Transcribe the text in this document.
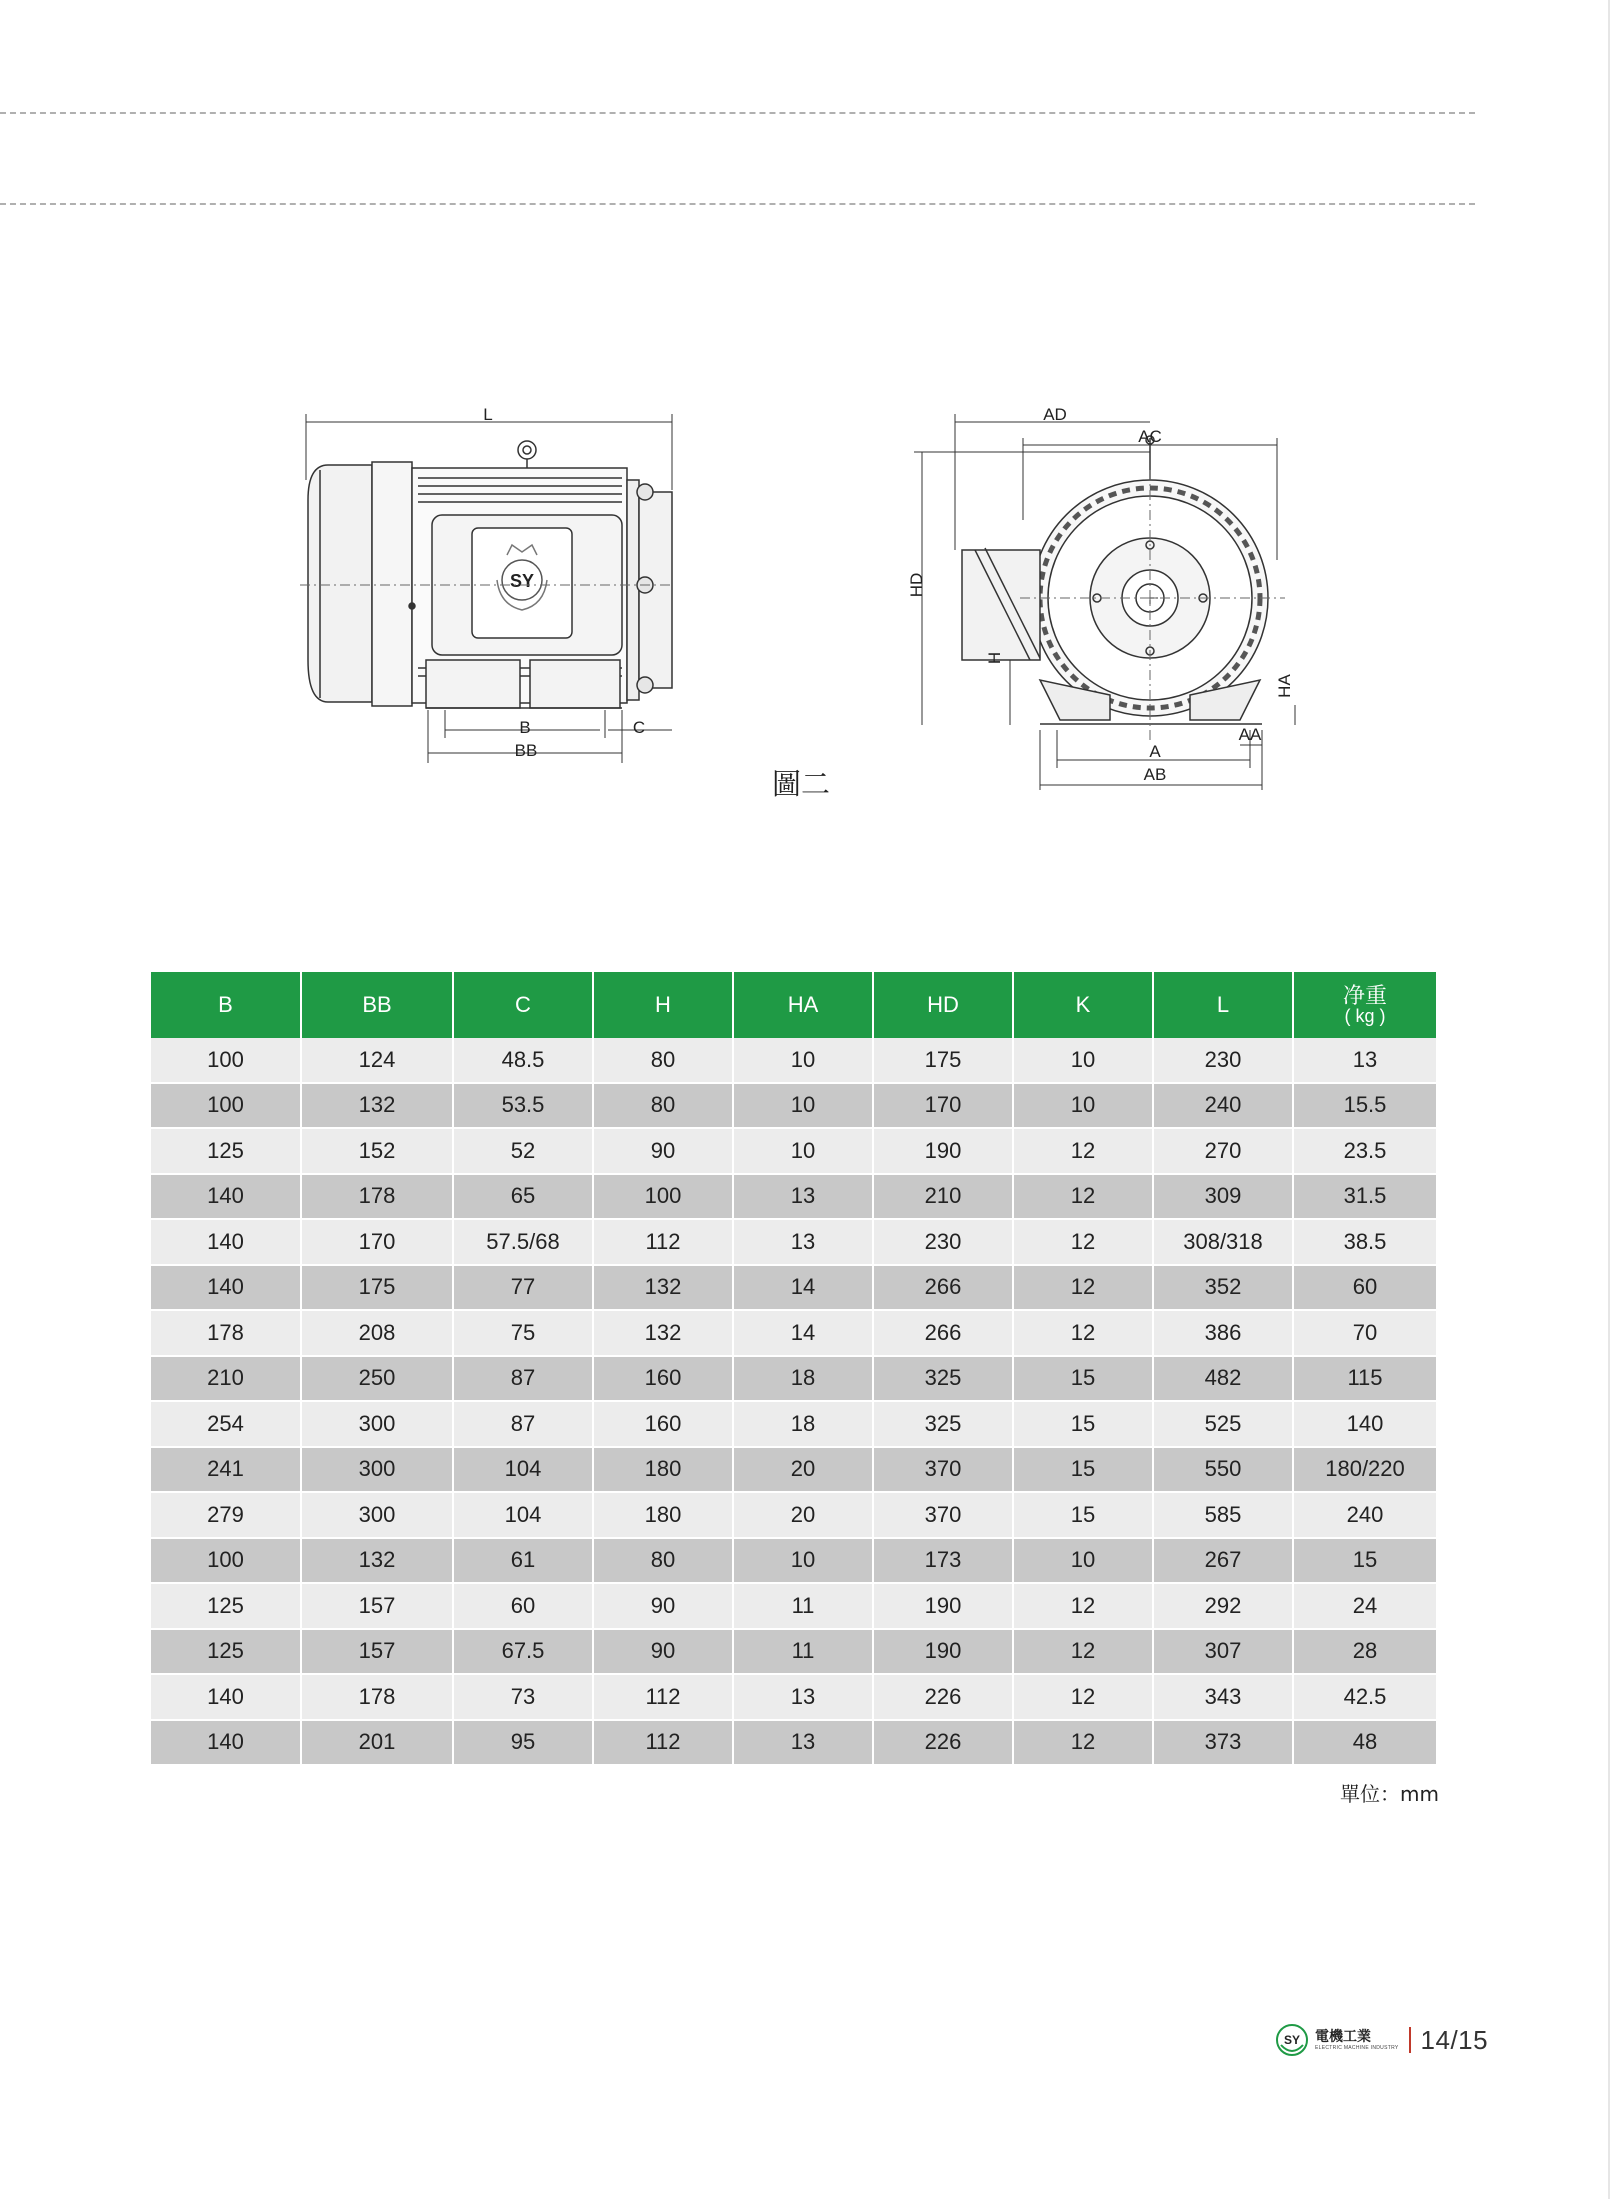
SY
L
B	C
BB
AD
AC
HD
H
HA
AA
A
AB
圖二
B	BB	C	H	HA	HD	K	L	净重
( kg )

100	124	48.5	80	10	175	10	230	13
100	132	53.5	80	10	170	10	240	15.5
125	152	52	90	10	190	12	270	23.5
140	178	65	100	13	210	12	309	31.5
140	170	57.5/68	112	13	230	12	308/318	38.5
140	175	77	132	14	266	12	352	60
178	208	75	132	14	266	12	386	70
210	250	87	160	18	325	15	482	115
254	300	87	160	18	325	15	525	140
241	300	104	180	20	370	15	550	180/220
279	300	104	180	20	370	15	585	240
100	132	61	80	10	173	10	267	15
125	157	60	90	11	190	12	292	24
125	157	67.5	90	11	190	12	307	28
140	178	73	112	13	226	12	343	42.5
140	201	95	112	13	226	12	373	48
單位：mm
SY 電機工業
ELECTRIC MACHINE INDUSTRY 14/15
